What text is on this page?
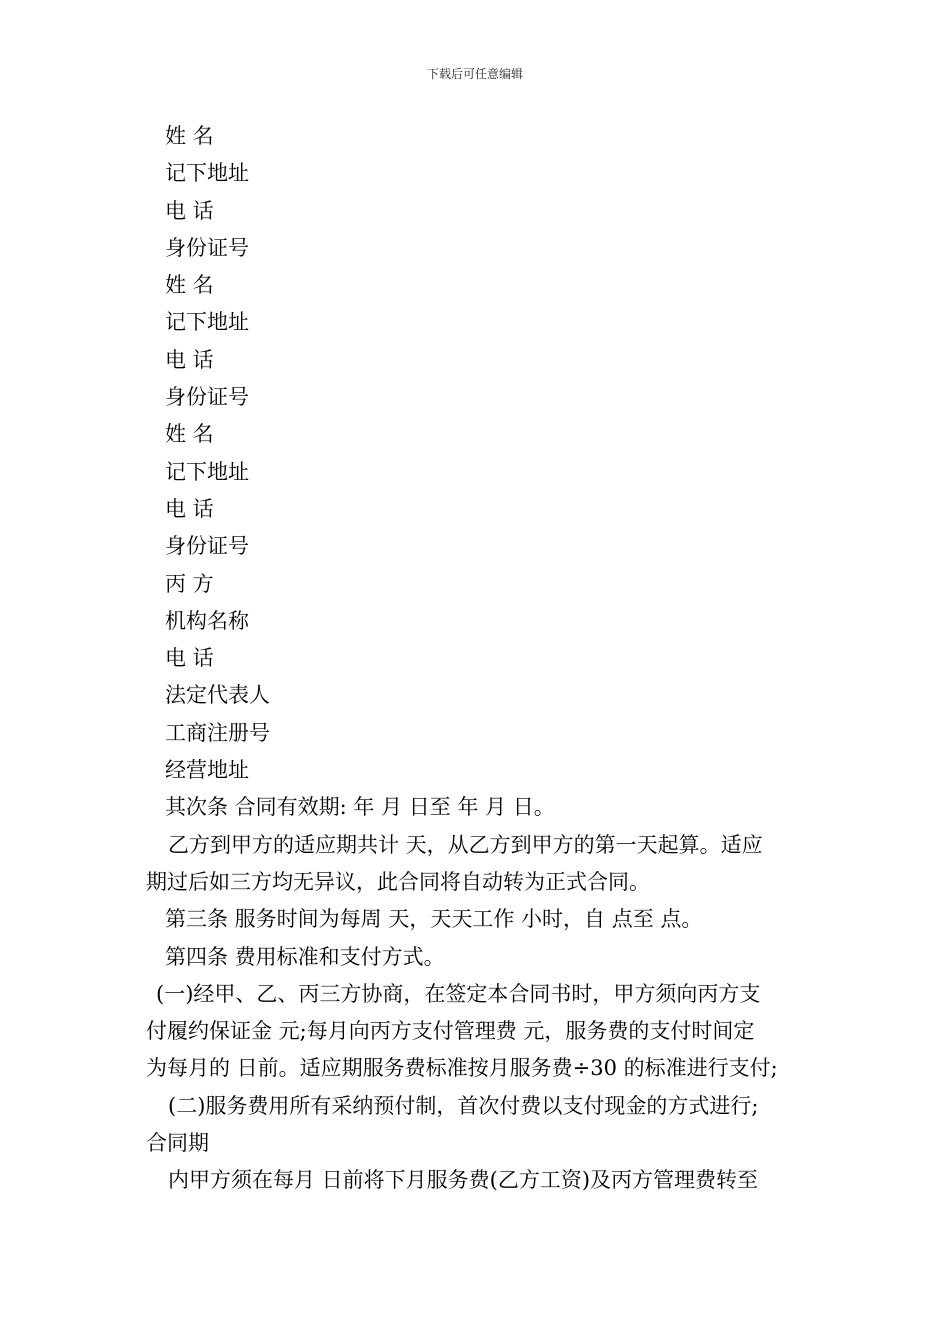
下载后可任意编辑
姓 名
记下地址
电 话
身份证号
姓 名
记下地址
电 话
身份证号
姓 名
记下地址
电 话
身份证号
丙 方
机构名称
电 话
法定代表人
工商注册号
经营地址
其次条 合同有效期: 年 月 日至 年 月 日。
乙方到甲方的适应期共计 天，从乙方到甲方的第一天起算。适应
期过后如三方均无异议，此合同将自动转为正式合同。
第三条 服务时间为每周 天，天天工作 小时，自 点至 点。
第四条 费用标准和支付方式。
(一)经甲、乙、丙三方协商，在签定本合同书时，甲方须向丙方支
付履约保证金 元;每月向丙方支付管理费 元，服务费的支付时间定
为每月的 日前。适应期服务费标准按月服务费÷30 的标准进行支付;
(二)服务费用所有采纳预付制，首次付费以支付现金的方式进行;
合同期
内甲方须在每月 日前将下月服务费(乙方工资)及丙方管理费转至
